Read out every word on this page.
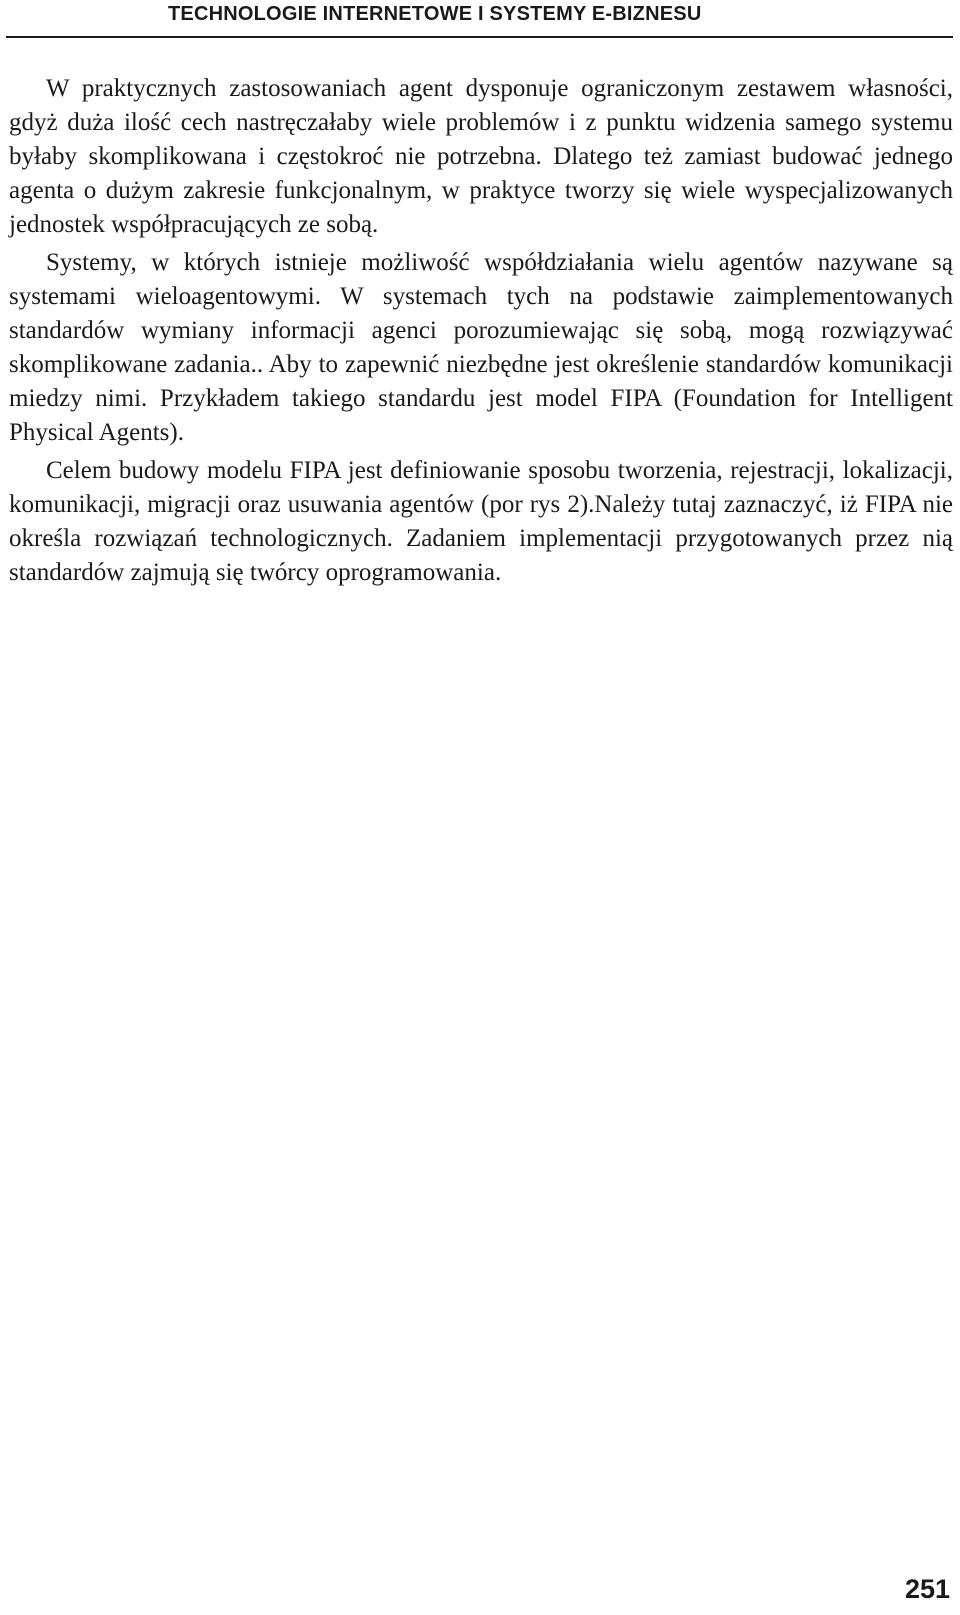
TECHNOLOGIE INTERNETOWE I SYSTEMY E-BIZNESU

W praktycznych zastosowaniach agent dysponuje ograniczonym zestawem własności, gdyż duża ilość cech nastręczałaby wiele problemów i z punktu widzenia samego systemu byłaby skomplikowana i częstokroć nie potrzebna. Dlatego też zamiast budować jednego agenta o dużym zakresie funkcjonalnym, w praktyce tworzy się wiele wyspecjalizowanych jednostek współpracujących ze sobą.

Systemy, w których istnieje możliwość współdziałania wielu agentów nazywane są systemami wieloagentowymi. W systemach tych na podstawie zaimplementowanych standardów wymiany informacji agenci porozumiewając się sobą, mogą rozwiązywać skomplikowane zadania.. Aby to zapewnić niezbędne jest określenie standardów komunikacji miedzy nimi. Przykładem takiego standardu jest model FIPA (Foundation for Intelligent Physical Agents).

Celem budowy modelu FIPA jest definiowanie sposobu tworzenia, rejestracji, lokalizacji, komunikacji, migracji oraz usuwania agentów (por rys 2).Należy tutaj zaznaczyć, iż FIPA nie określa rozwiązań technologicznych. Zadaniem implementacji przygotowanych przez nią standardów zajmują się twórcy oprogramowania.

251
